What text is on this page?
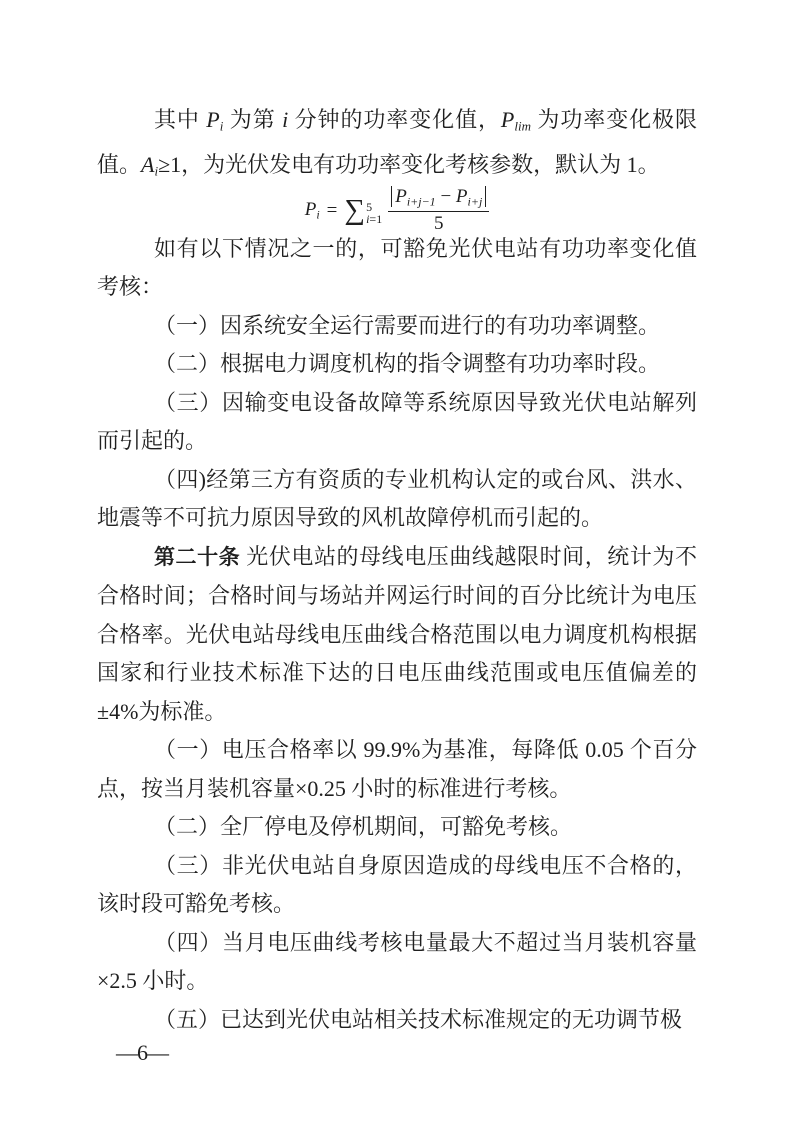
其中 Pi 为第 i 分钟的功率变化值，Plim 为功率变化极限值。Ai≥1，为光伏发电有功功率变化考核参数，默认为 1。

Pi = ∑ 5
$i=1 \frac{Pi+j-1 - Pi+j}{5}$

如有以下情况之一的，可豁免光伏电站有功功率变化值考核：

（一）因系统安全运行需要而进行的有功功率调整。

（二）根据电力调度机构的指令调整有功功率时段。

（三）因输变电设备故障等系统原因导致光伏电站解列而引起的。

（四)经第三方有资质的专业机构认定的或台风、洪水、地震等不可抗力原因导致的风机故障停机而引起的。

第二十条 光伏电站的母线电压曲线越限时间，统计为不合格时间；合格时间与场站并网运行时间的百分比统计为电压合格率。光伏电站母线电压曲线合格范围以电力调度机构根据国家和行业技术标准下达的日电压曲线范围或电压值偏差的±4%为标准。

（一）电压合格率以 99.9%为基准，每降低 0.05 个百分点，按当月装机容量×0.25 小时的标准进行考核。

（二）全厂停电及停机期间，可豁免考核。

（三）非光伏电站自身原因造成的母线电压不合格的，该时段可豁免考核。

（四）当月电压曲线考核电量最大不超过当月装机容量×2.5 小时。

（五）已达到光伏电站相关技术标准规定的无功调节极

—6—
